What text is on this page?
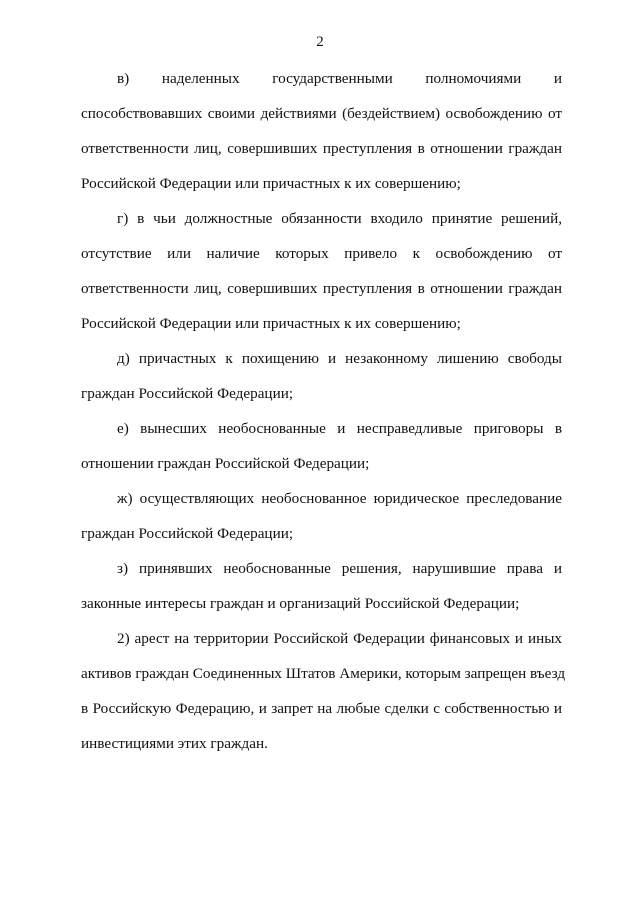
2
в) наделенных государственными полномочиями и
способствовавших своими действиями (бездействием) освобождению от
ответственности лиц, совершивших преступления в отношении граждан
Российской Федерации или причастных к их совершению;
г) в чьи должностные обязанности входило принятие решений,
отсутствие или наличие которых привело к освобождению от
ответственности лиц, совершивших преступления в отношении граждан
Российской Федерации или причастных к их совершению;
д) причастных к похищению и незаконному лишению свободы
граждан Российской Федерации;
е) вынесших необоснованные и несправедливые приговоры в
отношении граждан Российской Федерации;
ж) осуществляющих необоснованное юридическое преследование
граждан Российской Федерации;
з) принявших необоснованные решения, нарушившие права и
законные интересы граждан и организаций Российской Федерации;
2) арест на территории Российской Федерации финансовых и иных
активов граждан Соединенных Штатов Америки, которым запрещен въезд
в Российскую Федерацию, и запрет на любые сделки с собственностью и
инвестициями этих граждан.
